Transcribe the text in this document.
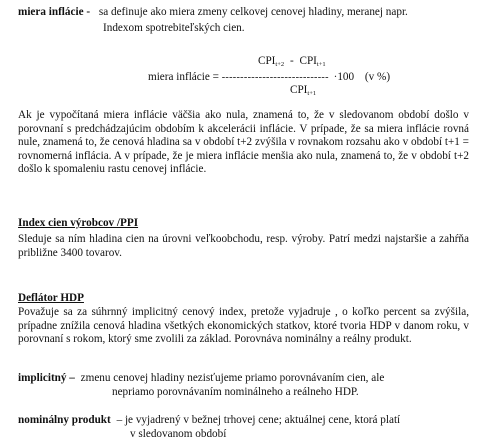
miera inflácie - sa definuje ako miera zmeny celkovej cenovej hladiny, meranej napr.
Indexom spotrebiteľských cien.
$CPI_{t+2} - CPI_{t+1}$
miera inflácie = ----------------------------- ·100 (v %)
$CPI_{t+1}$
Ak je vypočítaná miera inflácie väčšia ako nula, znamená to, že v sledovanom období došlo v porovnaní s predchádzajúcim obdobím k akcelerácii inflácie. V prípade, že sa miera inflácie rovná nule, znamená to, že cenová hladina sa v období t+2 zvýšila v rovnakom rozsahu ako v období t+1 = rovnomerná inflácia. A v prípade, že je miera inflácie menšia ako nula, znamená to, že v období t+2 došlo k spomaleniu rastu cenovej inflácie.
Index cien výrobcov /PPI
Sleduje sa ním hladina cien na úrovni veľkoobchodu, resp. výroby. Patrí medzi najstaršie a zahŕňa približne 3400 tovarov.
Deflátor HDP
Považuje sa za súhrnný implicitný cenový index, pretože vyjadruje , o koľko percent sa zvýšila, prípadne znížila cenová hladina všetkých ekonomických statkov, ktoré tvoria HDP v danom roku, v porovnaní s rokom, ktorý sme zvolili za základ. Porovnáva nominálny a reálny produkt.
implicitný – zmenu cenovej hladiny nezisťujeme priamo porovnávaním cien, ale
nepriamo porovnávaním nominálneho a reálneho HDP.
nominálny produkt – je vyjadrený v bežnej trhovej cene; aktuálnej cene, ktorá platí
v sledovanom období
